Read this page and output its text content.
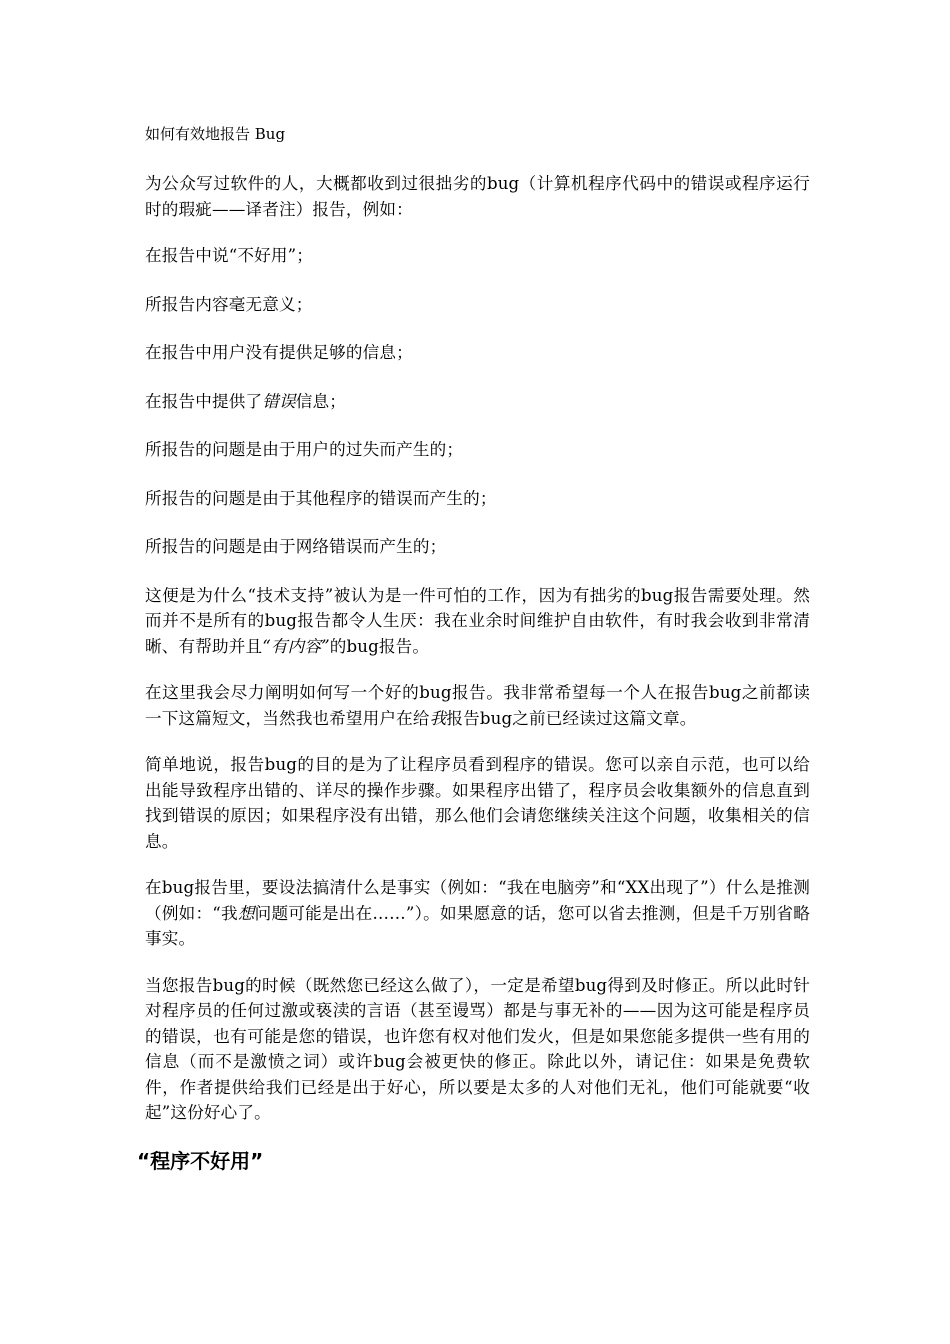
如何有效地报告 Bug

为公众写过软件的人，大概都收到过很拙劣的bug（计算机程序代码中的错误或程序运行时的瑕疵——译者注）报告，例如：

在报告中说“不好用”；

所报告内容毫无意义；

在报告中用户没有提供足够的信息；

在报告中提供了错误信息；

所报告的问题是由于用户的过失而产生的；

所报告的问题是由于其他程序的错误而产生的；

所报告的问题是由于网络错误而产生的；

这便是为什么“技术支持”被认为是一件可怕的工作，因为有拙劣的bug报告需要处理。然而并不是所有的bug报告都令人生厌：我在业余时间维护自由软件，有时我会收到非常清晰、有帮助并且“有内容”的bug报告。

在这里我会尽力阐明如何写一个好的bug报告。我非常希望每一个人在报告bug之前都读一下这篇短文，当然我也希望用户在给我报告bug之前已经读过这篇文章。

简单地说，报告bug的目的是为了让程序员看到程序的错误。您可以亲自示范，也可以给出能导致程序出错的、详尽的操作步骤。如果程序出错了，程序员会收集额外的信息直到找到错误的原因；如果程序没有出错，那么他们会请您继续关注这个问题，收集相关的信息。

在bug报告里，要设法搞清什么是事实（例如：“我在电脑旁”和“XX出现了”）什么是推测（例如：“我想问题可能是出在……”）。如果愿意的话，您可以省去推测，但是千万别省略事实。

当您报告bug的时候（既然您已经这么做了），一定是希望bug得到及时修正。所以此时针对程序员的任何过激或亵渎的言语（甚至谩骂）都是与事无补的——因为这可能是程序员的错误，也有可能是您的错误，也许您有权对他们发火，但是如果您能多提供一些有用的信息（而不是激愤之词）或许bug会被更快的修正。除此以外，请记住：如果是免费软件，作者提供给我们已经是出于好心，所以要是太多的人对他们无礼，他们可能就要“收起”这份好心了。

“程序不好用”
